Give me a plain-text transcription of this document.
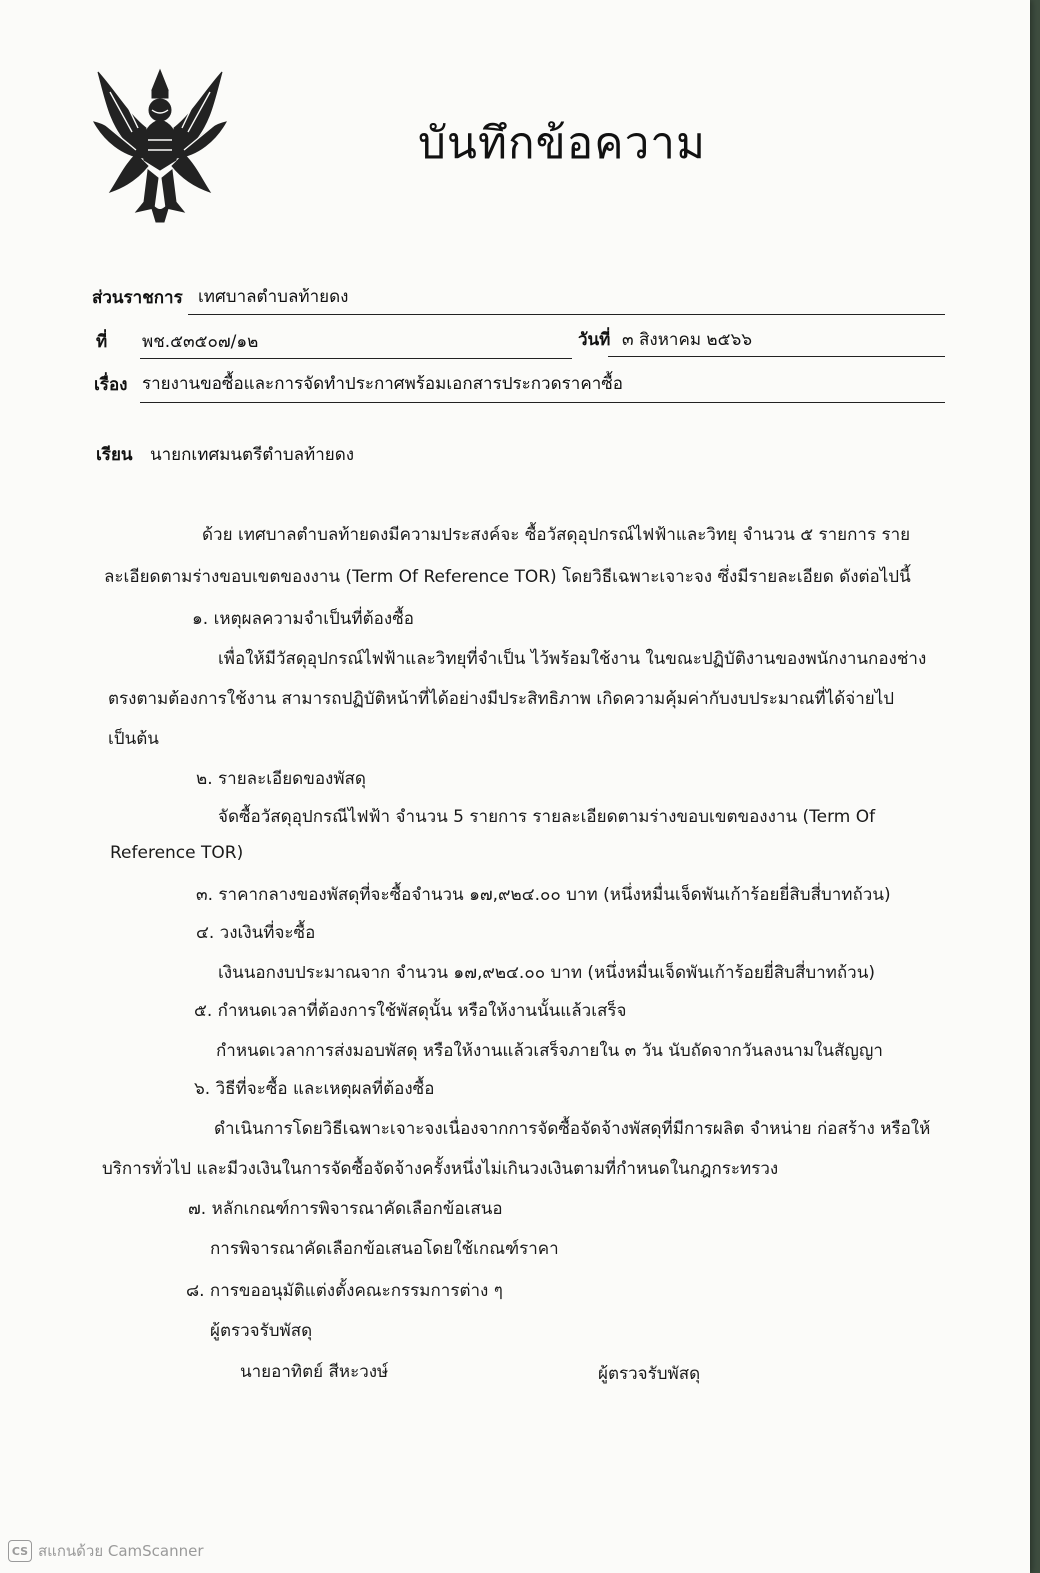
บันทึกข้อความ
ส่วนราชการ เทศบาลตำบลท้ายดง
ที่ พช.๕๓๕๐๗/๑๒	วันที่ ๓ สิงหาคม ๒๕๖๖
เรื่อง รายงานขอซื้อและการจัดทำประกาศพร้อมเอกสารประกวดราคาซื้อ
เรียน นายกเทศมนตรีตำบลท้ายดง
ด้วย เทศบาลตำบลท้ายดงมีความประสงค์จะ ซื้อวัสดุอุปกรณ์ไฟฟ้าและวิทยุ จำนวน ๕ รายการ ราย
ละเอียดตามร่างขอบเขตของงาน (Term Of Reference TOR) โดยวิธีเฉพาะเจาะจง ซึ่งมีรายละเอียด ดังต่อไปนี้
๑. เหตุผลความจำเป็นที่ต้องซื้อ
เพื่อให้มีวัสดุอุปกรณ์ไฟฟ้าและวิทยุที่จำเป็น ไว้พร้อมใช้งาน ในขณะปฏิบัติงานของพนักงานกองช่าง
ตรงตามต้องการใช้งาน สามารถปฏิบัติหน้าที่ได้อย่างมีประสิทธิภาพ เกิดความคุ้มค่ากับงบประมาณที่ได้จ่ายไป
เป็นต้น
๒. รายละเอียดของพัสดุ
จัดซื้อวัสดุอุปกรณีไฟฟ้า จำนวน 5 รายการ รายละเอียดตามร่างขอบเขตของงาน (Term Of
Reference TOR)
๓. ราคากลางของพัสดุที่จะซื้อจำนวน ๑๗,๙๒๔.๐๐ บาท (หนึ่งหมื่นเจ็ดพันเก้าร้อยยี่สิบสี่บาทถ้วน)
๔. วงเงินที่จะซื้อ
เงินนอกงบประมาณจาก จำนวน ๑๗,๙๒๔.๐๐ บาท (หนึ่งหมื่นเจ็ดพันเก้าร้อยยี่สิบสี่บาทถ้วน)
๕. กำหนดเวลาที่ต้องการใช้พัสดุนั้น หรือให้งานนั้นแล้วเสร็จ
กำหนดเวลาการส่งมอบพัสดุ หรือให้งานแล้วเสร็จภายใน ๓ วัน นับถัดจากวันลงนามในสัญญา
๖. วิธีที่จะซื้อ และเหตุผลที่ต้องซื้อ
ดำเนินการโดยวิธีเฉพาะเจาะจงเนื่องจากการจัดซื้อจัดจ้างพัสดุที่มีการผลิต จำหน่าย ก่อสร้าง หรือให้
บริการทั่วไป และมีวงเงินในการจัดซื้อจัดจ้างครั้งหนึ่งไม่เกินวงเงินตามที่กำหนดในกฎกระทรวง
๗. หลักเกณฑ์การพิจารณาคัดเลือกข้อเสนอ
การพิจารณาคัดเลือกข้อเสนอโดยใช้เกณฑ์ราคา
๘. การขออนุมัติแต่งตั้งคณะกรรมการต่าง ๆ
ผู้ตรวจรับพัสดุ
นายอาทิตย์ สีหะวงษ์	ผู้ตรวจรับพัสดุ
CS สแกนด้วย CamScanner
